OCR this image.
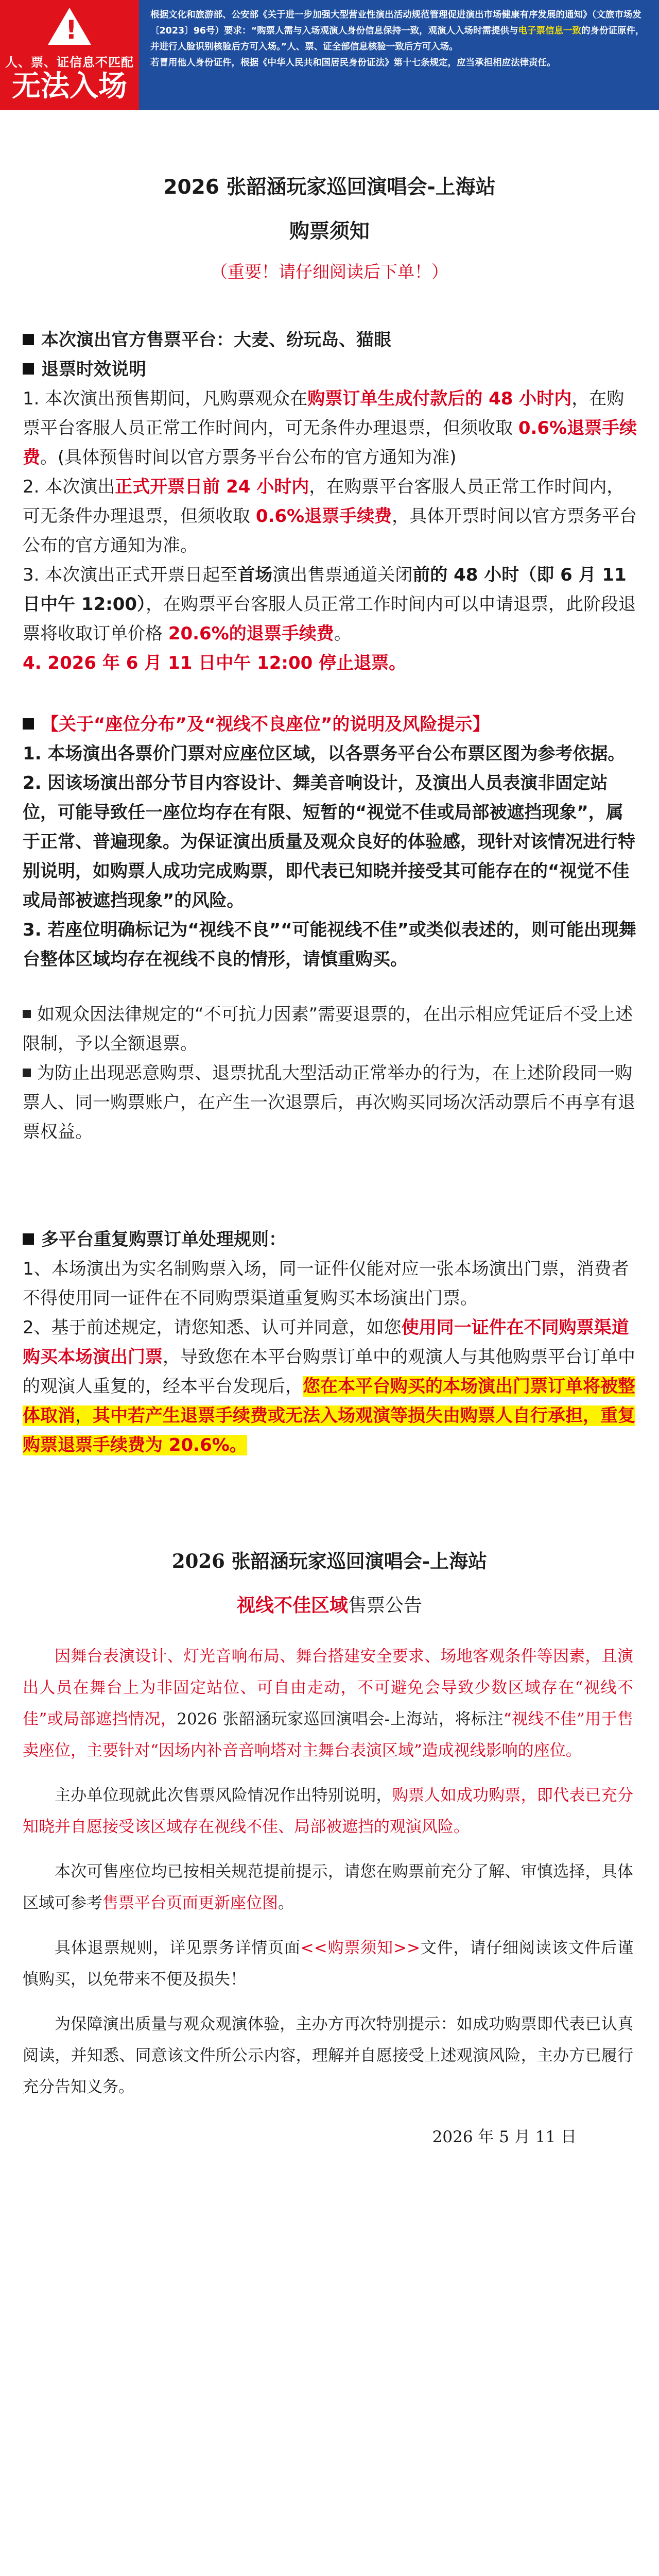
!
人、票、证信息不匹配
无法入场
根据文化和旅游部、公安部《关于进一步加强大型营业性演出活动规范管理促进演出市场健康有序发展的通知》（文旅市场发〔2023〕96号）要求：“购票人需与入场观演人身份信息保持一致，观演人入场时需提供与电子票信息一致的身份证原件，并进行人脸识别核验后方可入场。”人、票、证全部信息核验一致后方可入场。
若冒用他人身份证件，根据《中华人民共和国居民身份证法》第十七条规定，应当承担相应法律责任。
2026 张韶涵玩家巡回演唱会-上海站
购票须知
（重要！请仔细阅读后下单！）

本次演出官方售票平台：大麦、纷玩岛、猫眼

退票时效说明

1. 本次演出预售期间，凡购票观众在购票订单生成付款后的 48 小时内，在购票平台客服人员正常工作时间内，可无条件办理退票，但须收取 0.6%退票手续费。(具体预售时间以官方票务平台公布的官方通知为准)

2. 本次演出正式开票日前 24 小时内，在购票平台客服人员正常工作时间内，可无条件办理退票，但须收取 0.6%退票手续费，具体开票时间以官方票务平台公布的官方通知为准。

3. 本次演出正式开票日起至首场演出售票通道关闭前的 48 小时（即 6 月 11 日中午 12:00），在购票平台客服人员正常工作时间内可以申请退票，此阶段退票将收取订单价格 20.6%的退票手续费。

4. 2026 年 6 月 11 日中午 12:00 停止退票。

【关于“座位分布”及“视线不良座位”的说明及风险提示】

1. 本场演出各票价门票对应座位区域，以各票务平台公布票区图为参考依据。

2. 因该场演出部分节目内容设计、舞美音响设计，及演出人员表演非固定站位，可能导致任一座位均存在有限、短暂的“视觉不佳或局部被遮挡现象”，属于正常、普遍现象。为保证演出质量及观众良好的体验感，现针对该情况进行特别说明，如购票人成功完成购票，即代表已知晓并接受其可能存在的“视觉不佳或局部被遮挡现象”的风险。

3. 若座位明确标记为“视线不良”“可能视线不佳”或类似表述的，则可能出现舞台整体区域均存在视线不良的情形，请慎重购买。

如观众因法律规定的“不可抗力因素”需要退票的，在出示相应凭证后不受上述限制，予以全额退票。

为防止出现恶意购票、退票扰乱大型活动正常举办的行为，在上述阶段同一购票人、同一购票账户，在产生一次退票后，再次购买同场次活动票后不再享有退票权益。

多平台重复购票订单处理规则：

1、本场演出为实名制购票入场，同一证件仅能对应一张本场演出门票，消费者不得使用同一证件在不同购票渠道重复购买本场演出门票。

2、基于前述规定，请您知悉、认可并同意，如您使用同一证件在不同购票渠道购买本场演出门票，导致您在本平台购票订单中的观演人与其他购票平台订单中的观演人重复的，经本平台发现后，您在本平台购买的本场演出门票订单将被整体取消，其中若产生退票手续费或无法入场观演等损失由购票人自行承担，重复购票退票手续费为 20.6%。

2026 张韶涵玩家巡回演唱会-上海站
视线不佳区域售票公告

因舞台表演设计、灯光音响布局、舞台搭建安全要求、场地客观条件等因素，且演出人员在舞台上为非固定站位、可自由走动，不可避免会导致少数区域存在“视线不佳”或局部遮挡情况，2026 张韶涵玩家巡回演唱会-上海站，将标注“视线不佳”用于售卖座位，主要针对“因场内补音音响塔对主舞台表演区域”造成视线影响的座位。

主办单位现就此次售票风险情况作出特别说明，购票人如成功购票，即代表已充分知晓并自愿接受该区域存在视线不佳、局部被遮挡的观演风险。

本次可售座位均已按相关规范提前提示，请您在购票前充分了解、审慎选择，具体区域可参考售票平台页面更新座位图。

具体退票规则，详见票务详情页面<<购票须知>>文件，请仔细阅读该文件后谨慎购买，以免带来不便及损失！

为保障演出质量与观众观演体验，主办方再次特别提示：如成功购票即代表已认真阅读，并知悉、同意该文件所公示内容，理解并自愿接受上述观演风险，主办方已履行充分告知义务。

2026 年 5 月 11 日
